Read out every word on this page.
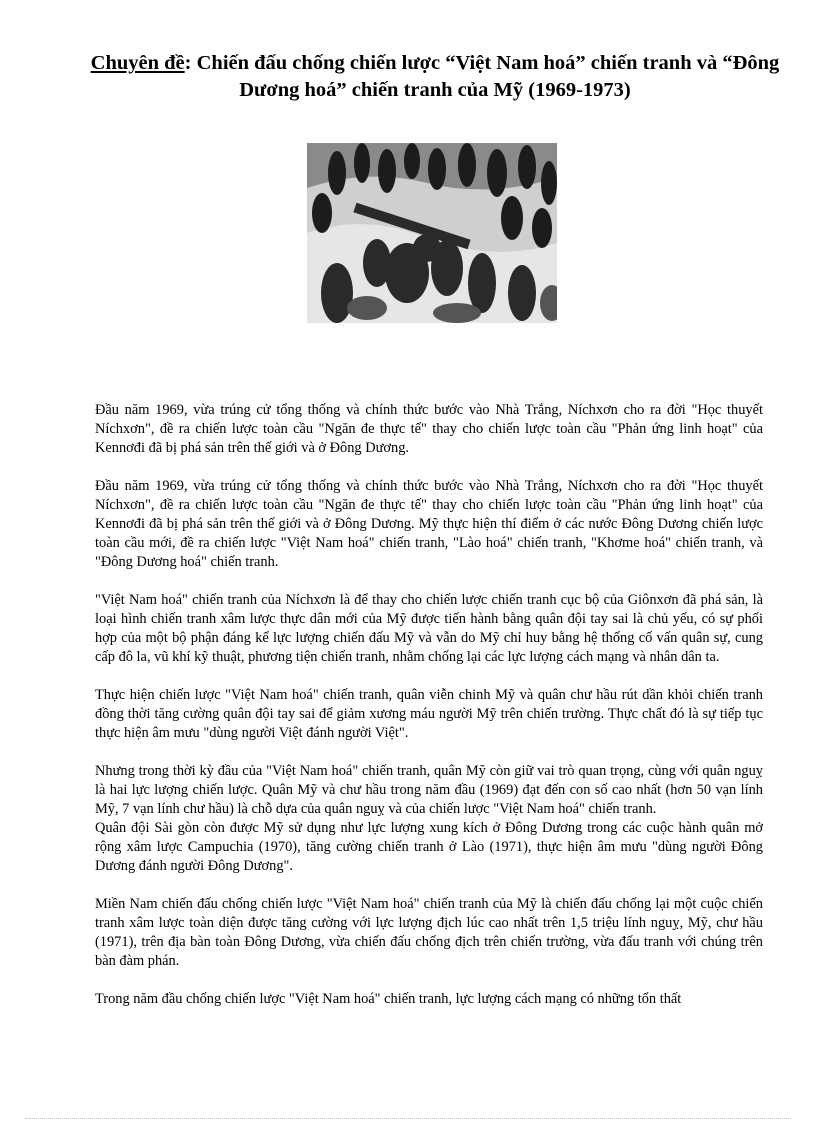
Chuyên đề: Chiến đấu chống chiến lược “Việt Nam hoá” chiến tranh và “Đông Dương hoá” chiến tranh của Mỹ (1969-1973)

Đầu năm 1969, vừa trúng cử tổng thống và chính thức bước vào Nhà Trắng, Níchxơn cho ra đời "Học thuyết Níchxơn", đề ra chiến lược toàn cầu "Ngăn đe thực tế" thay cho chiến lược toàn cầu "Phản ứng linh hoạt" của Kennơđi đã bị phá sản trên thế giới và ở Đông Dương.

Đầu năm 1969, vừa trúng cử tổng thống và chính thức bước vào Nhà Trắng, Níchxơn cho ra đời "Học thuyết Níchxơn", đề ra chiến lược toàn cầu "Ngăn đe thực tế" thay cho chiến lược toàn cầu "Phản ứng linh hoạt" của Kennơđi đã bị phá sản trên thế giới và ở Đông Dương. Mỹ thực hiện thí điểm ở các nước Đông Dương chiến lược toàn cầu mới, đề ra chiến lược "Việt Nam hoá" chiến tranh, "Lào hoá" chiến tranh, "Khơme hoá" chiến tranh, và "Đông Dương hoá" chiến tranh.

"Việt Nam hoá" chiến tranh của Níchxơn là để thay cho chiến lược chiến tranh cục bộ của Giônxơn đã phá sản, là loại hình chiến tranh xâm lược thực dân mới của Mỹ được tiến hành bằng quân đội tay sai là chủ yếu, có sự phối hợp của một bộ phận đáng kể lực lượng chiến đấu Mỹ và vẫn do Mỹ chỉ huy bằng hệ thống cố vấn quân sự, cung cấp đô la, vũ khí kỹ thuật, phương tiện chiến tranh, nhằm chống lại các lực lượng cách mạng và nhân dân ta.

Thực hiện chiến lược "Việt Nam hoá" chiến tranh, quân viễn chinh Mỹ và quân chư hầu rút dần khỏi chiến tranh đồng thời tăng cường quân đội tay sai để giảm xương máu người Mỹ trên chiến trường. Thực chất đó là sự tiếp tục thực hiện âm mưu "dùng người Việt đánh người Việt".

Nhưng trong thời kỳ đầu của "Việt Nam hoá" chiến tranh, quân Mỹ còn giữ vai trò quan trọng, cùng với quân nguỵ là hai lực lượng chiến lược. Quân Mỹ và chư hầu trong năm đầu (1969) đạt đến con số cao nhất (hơn 50 vạn lính Mỹ, 7 vạn lính chư hầu) là chỗ dựa của quân nguỵ và của chiến lược "Việt Nam hoá" chiến tranh.

Quân đội Sài gòn còn được Mỹ sử dụng như lực lượng xung kích ở Đông Dương trong các cuộc hành quân mở rộng xâm lược Campuchia (1970), tăng cường chiến tranh ở Lào (1971), thực hiện âm mưu "dùng người Đông Dương đánh người Đông Dương".

Miền Nam chiến đấu chống chiến lược "Việt Nam hoá" chiến tranh của Mỹ là chiến đấu chống lại một cuộc chiến tranh xâm lược toàn diện được tăng cường với lực lượng địch lúc cao nhất trên 1,5 triệu lính nguỵ, Mỹ, chư hầu (1971), trên địa bàn toàn Đông Dương, vừa chiến đấu chống địch trên chiến trường, vừa đấu tranh với chúng trên bàn đàm phán.

Trong năm đầu chống chiến lược "Việt Nam hoá" chiến tranh, lực lượng cách mạng có những tổn thất
